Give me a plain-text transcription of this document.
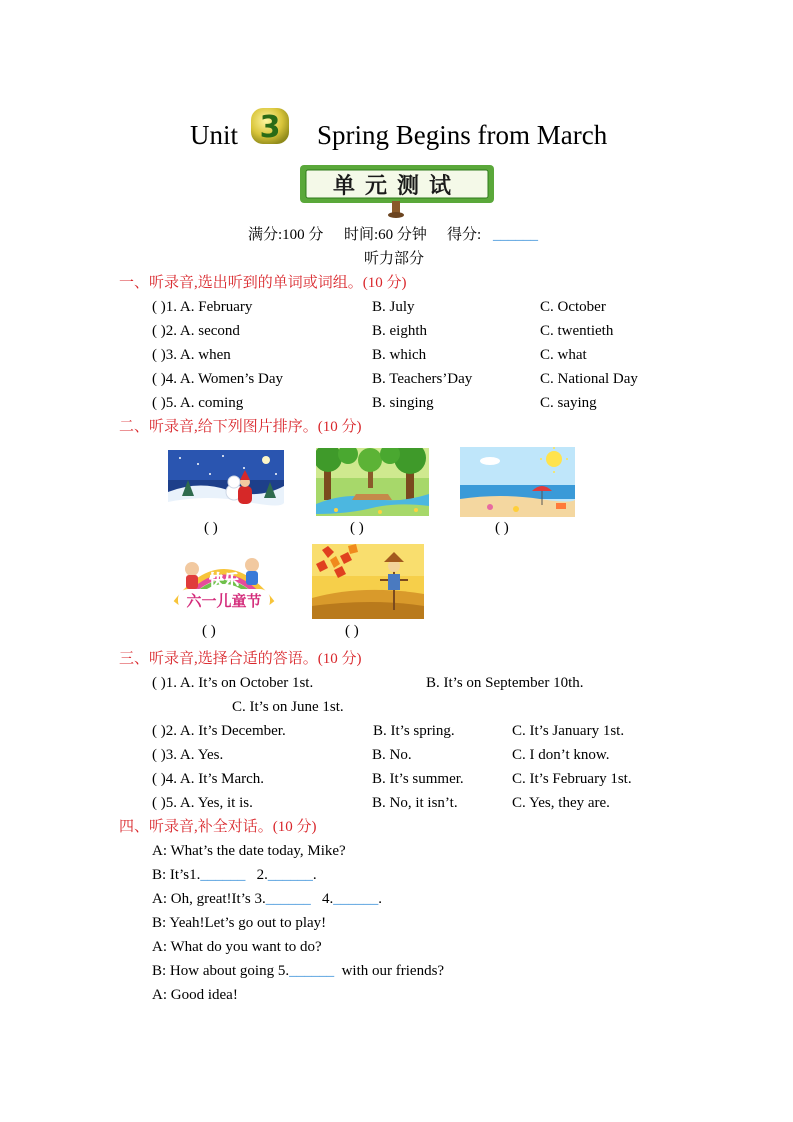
Unit 3 Spring Begins from March
单元测试
满分:100 分 时间:60 分钟 得分: ______
听力部分
一、听录音,选出听到的单词或词组。(10 分)
( )1. A. February	B. July	C. October
( )2. A. second	B. eighth	C. twentieth
( )3. A. when	B. which	C. what
( )4. A. Women’s Day	B. Teachers’Day	C. National Day
( )5. A. coming	B. singing	C. saying
二、听录音,给下列图片排序。(10 分)
( )	( )	( )
快乐
六一儿童节
( )	( )
三、听录音,选择合适的答语。(10 分)
( )1. A. It’s on October 1st.	B. It’s on September 10th.
C. It’s on June 1st.
( )2. A. It’s December.	B. It’s spring.	C. It’s January 1st.
( )3. A. Yes.	B. No.	C. I don’t know.
( )4. A. It’s March.	B. It’s summer.	C. It’s February 1st.
( )5. A. Yes, it is.	B. No, it isn’t.	C. Yes, they are.
四、听录音,补全对话。(10 分)
A: What’s the date today, Mike?
B: It’s1.______ 2.______.
A: Oh, great!It’s 3.______ 4.______.
B: Yeah!Let’s go out to play!
A: What do you want to do?
B: How about going 5.______ with our friends?
A: Good idea!
